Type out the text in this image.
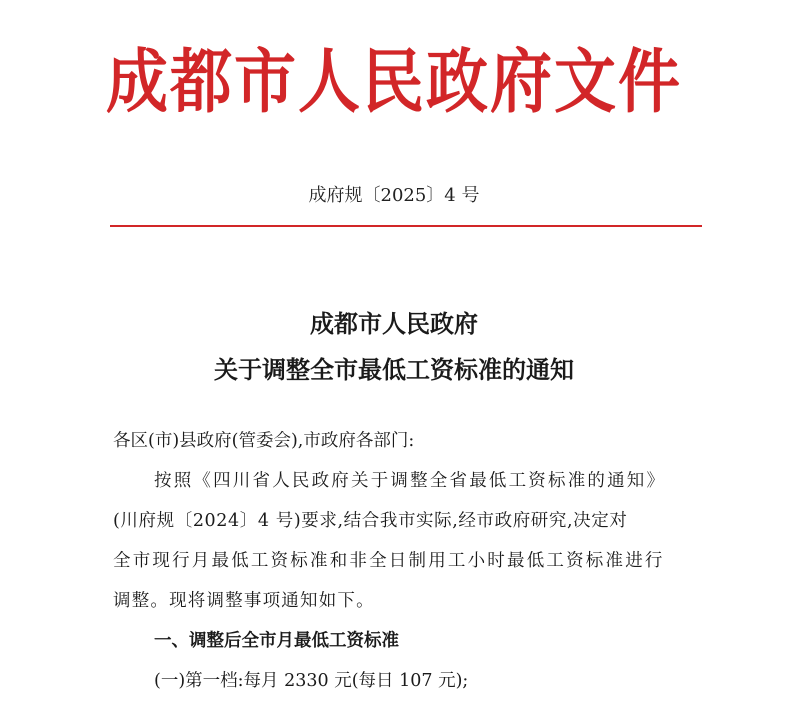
成都市人民政府文件
成府规〔2025〕4 号
成都市人民政府
关于调整全市最低工资标准的通知
各区(市)县政府(管委会),市政府各部门:
按照《四川省人民政府关于调整全省最低工资标准的通知》
(川府规〔2024〕4 号)要求,结合我市实际,经市政府研究,决定对
全市现行月最低工资标准和非全日制用工小时最低工资标准进行
调整。现将调整事项通知如下。
一、调整后全市月最低工资标准
(一)第一档:每月 2330 元(每日 107 元);
